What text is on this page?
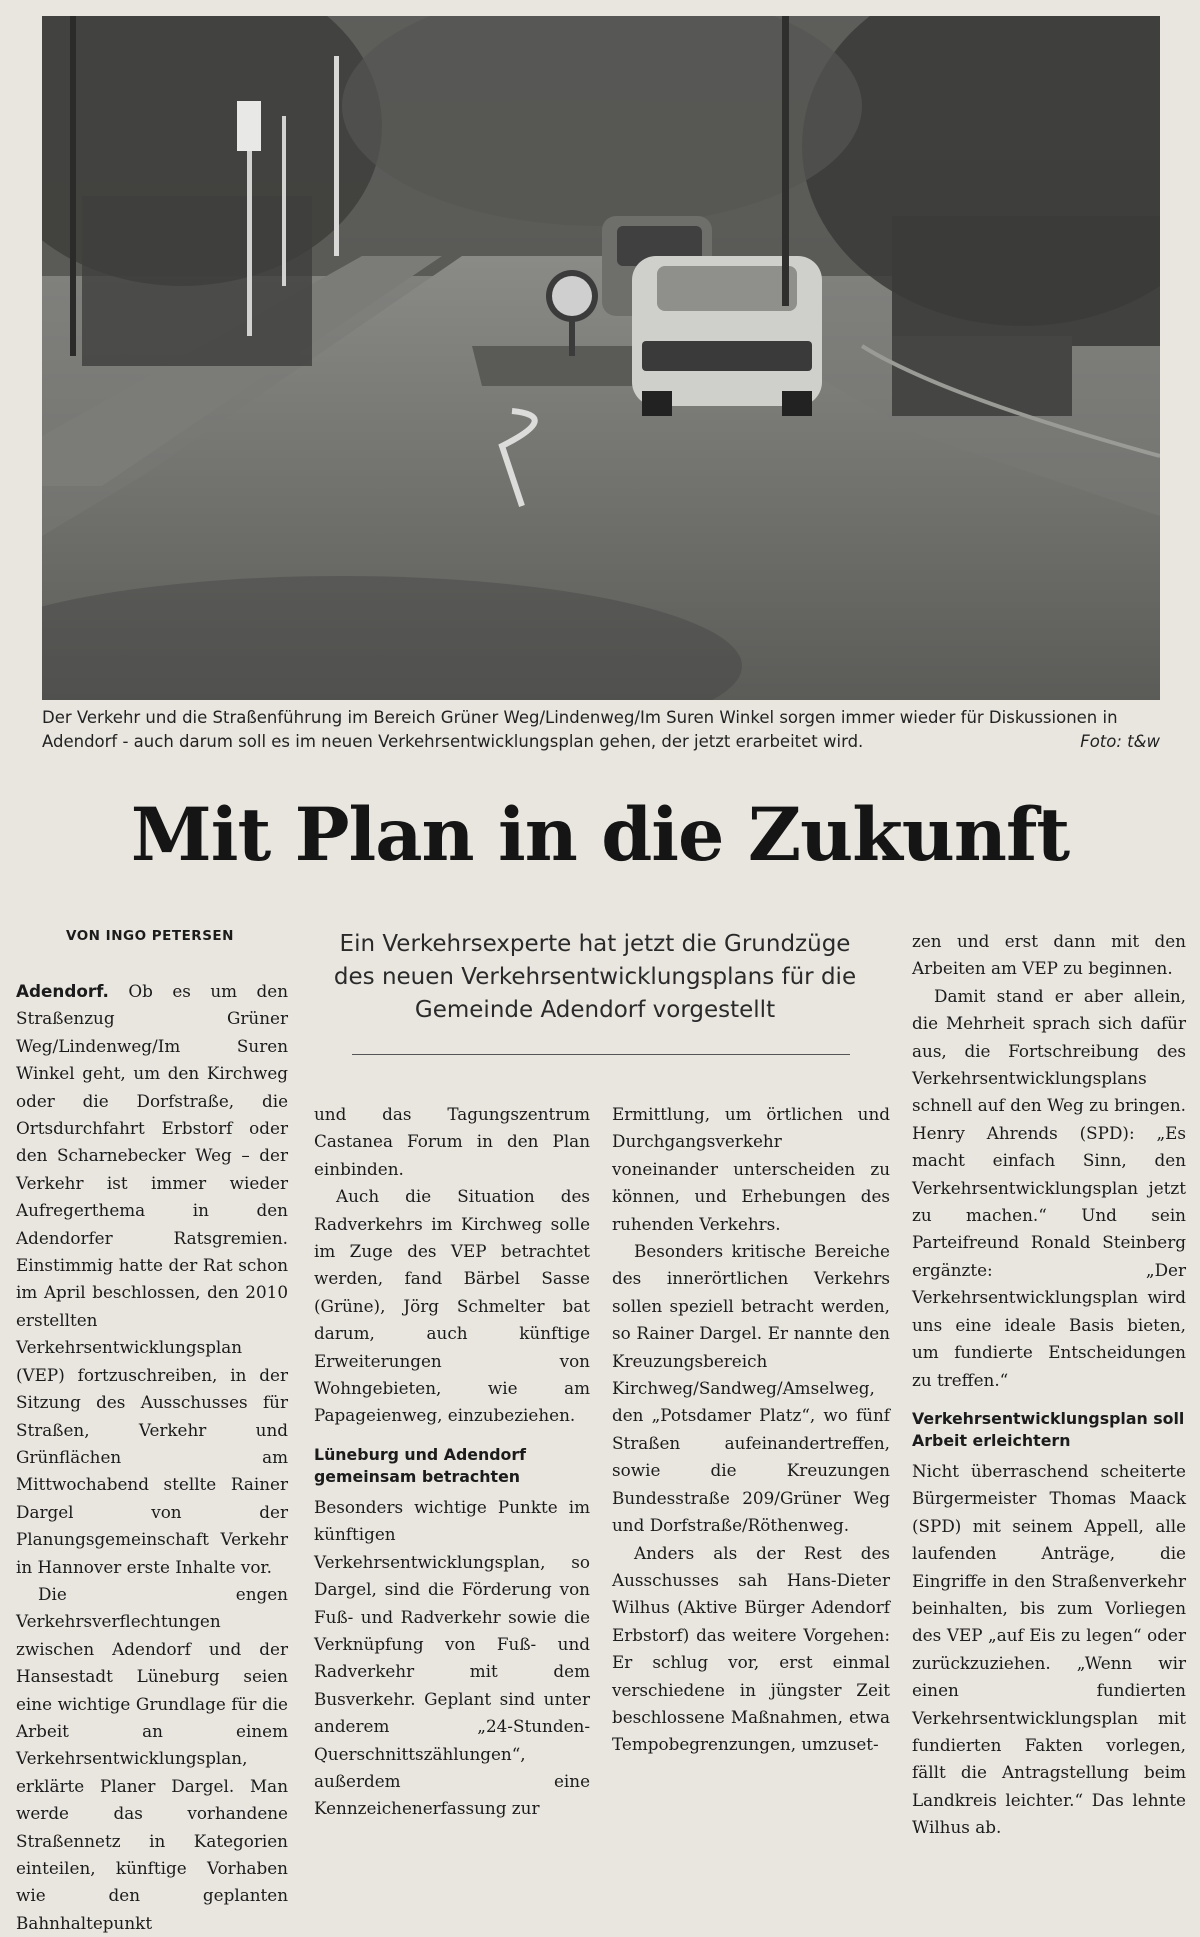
Der Verkehr und die Straßenführung im Bereich Grüner Weg/Lindenweg/Im Suren Winkel sorgen immer wieder für Diskussionen in Adendorf - auch darum soll es im neuen Verkehrsentwicklungsplan gehen, der jetzt erarbeitet wird.	Foto: t&w
Mit Plan in die Zukunft
VON INGO PETERSEN	Ein Verkehrsexperte hat jetzt die Grundzüge des neuen Verkehrsentwicklungsplans für die Gemeinde Adendorf vorgestellt

Adendorf. Ob es um den Straßenzug Grüner Weg/Lindenweg/Im Suren Winkel geht, um den Kirchweg oder die Dorfstraße, die Ortsdurchfahrt Erbstorf oder den Scharnebecker Weg – der Verkehr ist immer wieder Aufregerthema in den Adendorfer Ratsgremien. Einstimmig hatte der Rat schon im April beschlossen, den 2010 erstellten Verkehrsentwicklungsplan (VEP) fortzuschreiben, in der Sitzung des Ausschusses für Straßen, Verkehr und Grünflächen am Mittwochabend stellte Rainer Dargel von der Planungsgemeinschaft Verkehr in Hannover erste Inhalte vor.

Die engen Verkehrsverflechtungen zwischen Adendorf und der Hansestadt Lüneburg seien eine wichtige Grundlage für die Arbeit an einem Verkehrsentwicklungsplan, erklärte Planer Dargel. Man werde das vorhandene Straßennetz in Kategorien einteilen, künftige Vorhaben wie den geplanten Bahnhaltepunkt

und das Tagungszentrum Castanea Forum in den Plan einbinden.

Auch die Situation des Radverkehrs im Kirchweg solle im Zuge des VEP betrachtet werden, fand Bärbel Sasse (Grüne), Jörg Schmelter bat darum, auch künftige Erweiterungen von Wohngebieten, wie am Papageienweg, einzubeziehen.

Lüneburg und Adendorf gemeinsam betrachten

Besonders wichtige Punkte im künftigen Verkehrsentwicklungsplan, so Dargel, sind die Förderung von Fuß- und Radverkehr sowie die Verknüpfung von Fuß- und Radverkehr mit dem Busverkehr. Geplant sind unter anderem „24-Stunden-Querschnittszählungen“, außerdem eine Kennzeichenerfassung zur

Ermittlung, um örtlichen und Durchgangsverkehr voneinander unterscheiden zu können, und Erhebungen des ruhenden Verkehrs.

Besonders kritische Bereiche des innerörtlichen Verkehrs sollen speziell betracht werden, so Rainer Dargel. Er nannte den Kreuzungsbereich Kirchweg/Sandweg/Amselweg, den „Potsdamer Platz“, wo fünf Straßen aufeinandertreffen, sowie die Kreuzungen Bundesstraße 209/Grüner Weg und Dorfstraße/Röthenweg.

Anders als der Rest des Ausschusses sah Hans-Dieter Wilhus (Aktive Bürger Adendorf Erbstorf) das weitere Vorgehen: Er schlug vor, erst einmal verschiedene in jüngster Zeit beschlossene Maßnahmen, etwa Tempobegrenzungen, umzuset-

zen und erst dann mit den Arbeiten am VEP zu beginnen.

Damit stand er aber allein, die Mehrheit sprach sich dafür aus, die Fortschreibung des Verkehrsentwicklungsplans schnell auf den Weg zu bringen. Henry Ahrends (SPD): „Es macht einfach Sinn, den Verkehrsentwicklungsplan jetzt zu machen.“ Und sein Parteifreund Ronald Steinberg ergänzte: „Der Verkehrsentwicklungsplan wird uns eine ideale Basis bieten, um fundierte Entscheidungen zu treffen.“

Verkehrsentwicklungsplan soll Arbeit erleichtern

Nicht überraschend scheiterte Bürgermeister Thomas Maack (SPD) mit seinem Appell, alle laufenden Anträge, die Eingriffe in den Straßenverkehr beinhalten, bis zum Vorliegen des VEP „auf Eis zu legen“ oder zurückzuziehen. „Wenn wir einen fundierten Verkehrsentwicklungsplan mit fundierten Fakten vorlegen, fällt die Antragstellung beim Landkreis leichter.“ Das lehnte Wilhus ab.
